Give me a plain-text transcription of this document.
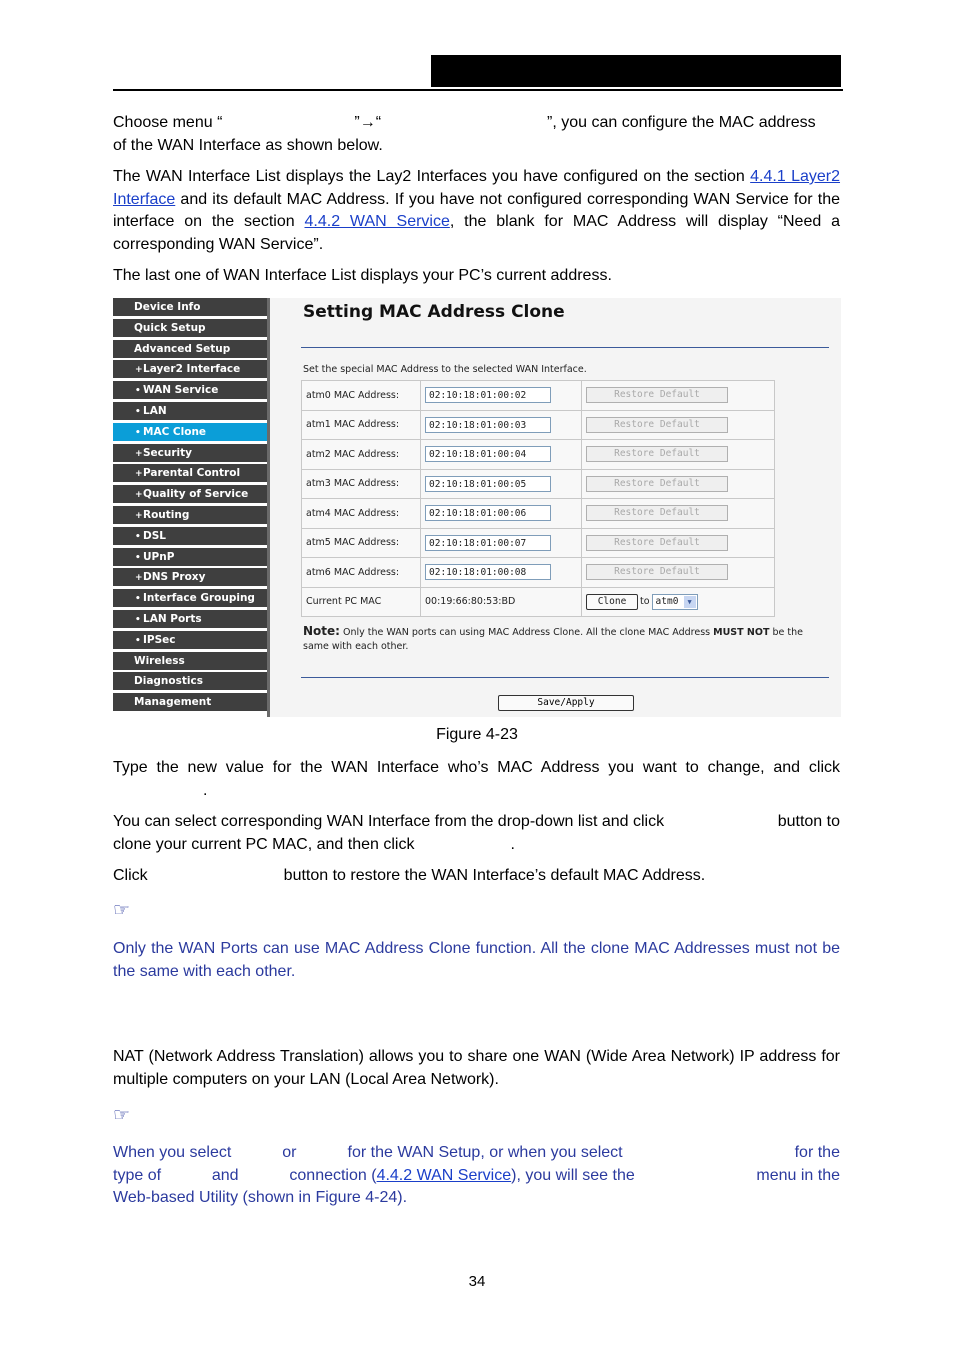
Choose menu “	”→“	”, you can configure the MAC address
of the WAN Interface as shown below.
The WAN Interface List displays the Lay2 Interfaces you have configured on the section 4.4.1 Layer2 Interface and its default MAC Address. If you have not configured corresponding WAN Service for the interface on the section 4.4.2 WAN Service, the blank for MAC Address will display “Need a corresponding WAN Service”.
The last one of WAN Interface List displays your PC’s current address.
Device Info
Quick Setup
Advanced Setup
+Layer2 Interface
• WAN Service
• LAN
• MAC Clone
+Security
+Parental Control
+Quality of Service
+Routing
• DSL
• UPnP
+DNS Proxy
• Interface Grouping
• LAN Ports
• IPSec
Wireless
Diagnostics
Management
Setting MAC Address Clone
Set the special MAC Address to the selected WAN Interface.
atm0 MAC Address:	02:10:18:01:00:02	Restore Default

atm1 MAC Address:	02:10:18:01:00:03	Restore Default

atm2 MAC Address:	02:10:18:01:00:04	Restore Default

atm3 MAC Address:	02:10:18:01:00:05	Restore Default

atm4 MAC Address:	02:10:18:01:00:06	Restore Default

atm5 MAC Address:	02:10:18:01:00:07	Restore Default

atm6 MAC Address:	02:10:18:01:00:08	Restore Default

Current PC MAC	00:19:66:80:53:BD	Clone to atm0 ▼
Note: Only the WAN ports can using MAC Address Clone. All the clone MAC Address MUST NOT be the same with each other.
Save/Apply
Figure 4-23
Type the new value for the WAN Interface who’s MAC Address you want to change, and click
.
You can select corresponding WAN Interface from the drop-down list and click	button to
clone your current PC MAC, and then click	.
Click	button to restore the WAN Interface’s default MAC Address.
☞
Only the WAN Ports can use MAC Address Clone function. All the clone MAC Addresses must not be the same with each other.
NAT (Network Address Translation) allows you to share one WAN (Wide Area Network) IP address for multiple computers on your LAN (Local Area Network).
☞
When you select	or	for the WAN Setup, or when you select	for the
type of	and	connection (4.4.2 WAN Service), you will see the	menu in the
Web-based Utility (shown in Figure 4-24).
34
